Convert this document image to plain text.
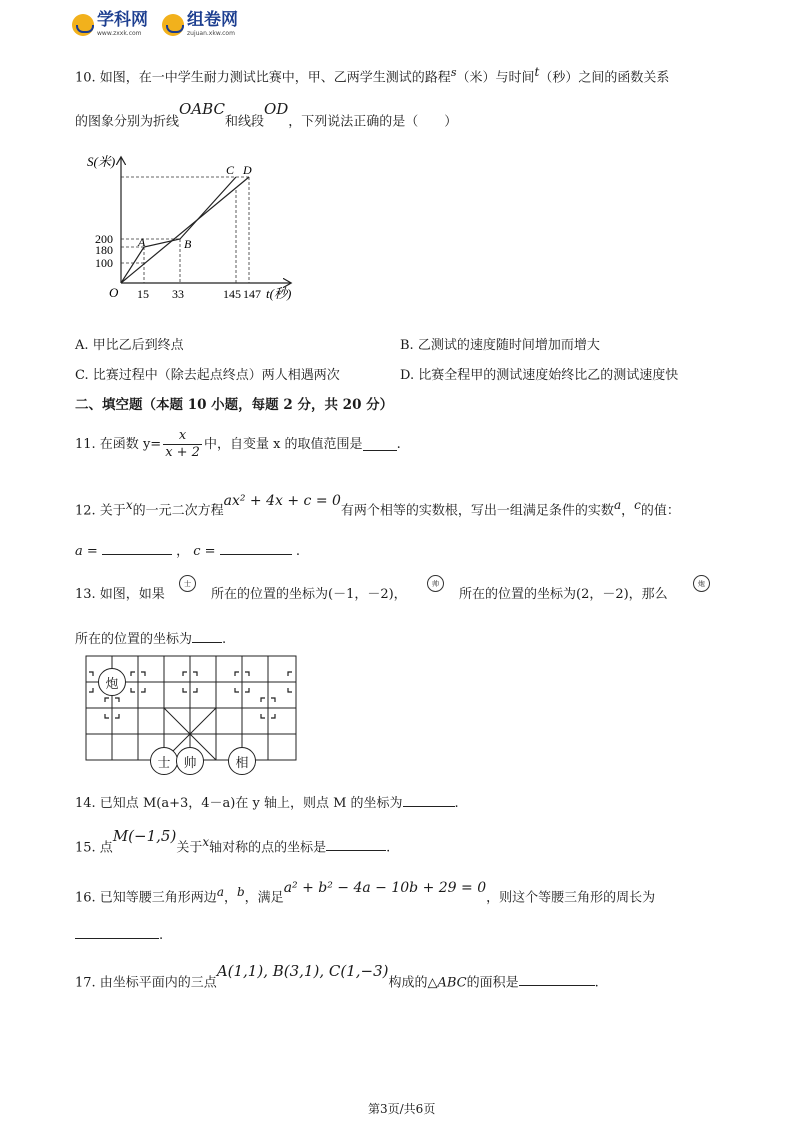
学科网
www.zxxk.com
组卷网
zujuan.xkw.com
10. 如图，在一中学生耐力测试比赛中，甲、乙两学生测试的路程$^s$（米）与时间$^t$（秒）之间的函数关系
的图象分别为折线$^{OABC}$和线段$^{OD}$，下列说法正确的是（　　）
S(米)
t(秒)
O
200
180
100
15 33	145 147
A	B
C D
A. 甲比乙后到终点	B. 乙测试的速度随时间增加而增大
C. 比赛过程中（除去起点终点）两人相遇两次	D. 比赛全程甲的测试速度始终比乙的测试速度快
二、填空题（本题 10 小题，每题 2 分，共 20 分）
11. 在函数 $y= \frac{x}{x + 2}$ 中，自变量 x 的取值范围是	.
12. 关于$^x$的一元二次方程$^{ax^2 + 4x + c = 0}$有两个相等的实数根，写出一组满足条件的实数$^a$，$^c$的值：
a =	， c =	.
13. 如图，如果
士
所在的位置的坐标为(－1，－2)，
帅
所在的位置的坐标为(2，－2)，那么
炮
所在的位置的坐标为 .
炮
士 帅	相
14. 已知点 M(a+3，4－a)在 y 轴上，则点 M 的坐标为	.
15. 点$^{M(-1,5)}$关于$^x$轴对称的点的坐标是	.
16. 已知等腰三角形两边$^a$，$^b$，满足$^{a^2 + b^2 - 4a - 10b + 29 = 0}$，则这个等腰三角形的周长为
.
17. 由坐标平面内的三点$^{A(1,1), B(3,1), C(1,-3)}$构成的△ABC的面积是	.
第3页/共6页
